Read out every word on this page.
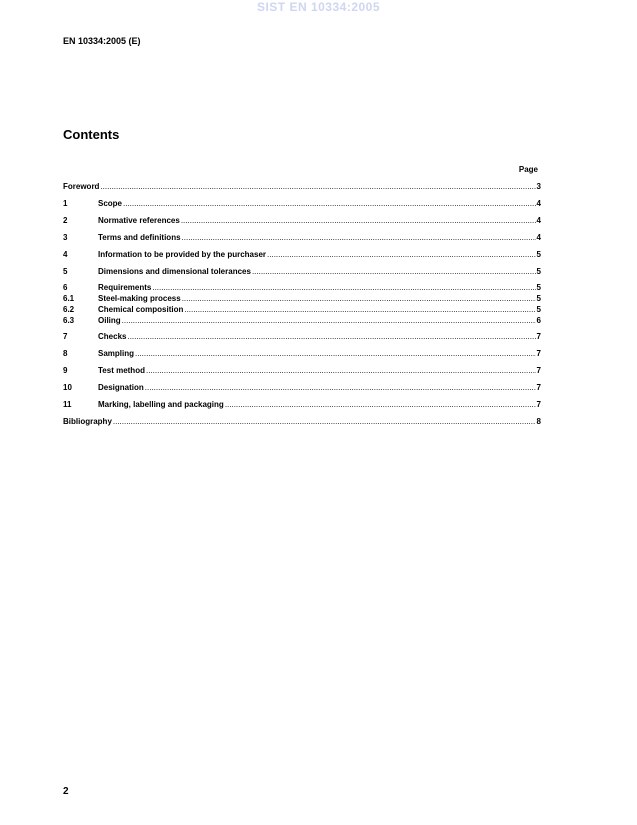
SIST EN 10334:2005
EN 10334:2005 (E)
Contents
Page
Foreword .....	3
1	Scope .....	4
2	Normative references .....	4
3	Terms and definitions .....	4
4	Information to be provided by the purchaser .....	5
5	Dimensions and dimensional tolerances .....	5
6	Requirements .....	5
6.1	Steel-making process .....	5
6.2	Chemical composition .....	5
6.3	Oiling .....	6
7	Checks .....	7
8	Sampling .....	7
9	Test method .....	7
10	Designation .....	7
11	Marking, labelling and packaging .....	7
Bibliography .....	8
2
